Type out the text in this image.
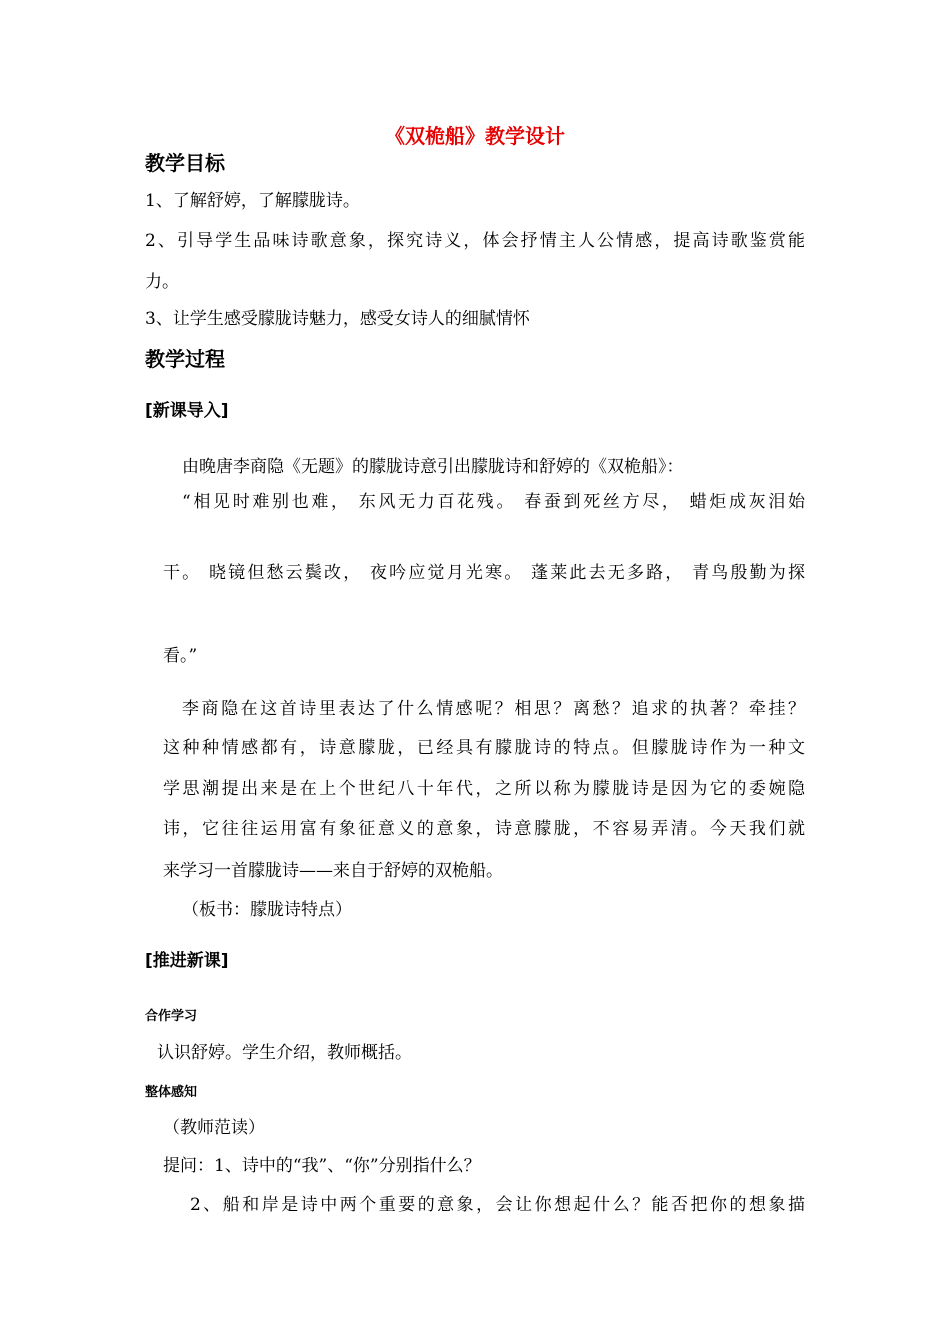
《双桅船》教学设计
教学目标
1、了解舒婷，了解朦胧诗。
2、引导学生品味诗歌意象，探究诗义，体会抒情主人公情感，提高诗歌鉴赏能
力。
3、让学生感受朦胧诗魅力，感受女诗人的细腻情怀
教学过程
[新课导入]
由晚唐李商隐《无题》的朦胧诗意引出朦胧诗和舒婷的《双桅船》：
“相见时难别也难， 东风无力百花残。 春蚕到死丝方尽， 蜡炬成灰泪始
干。 晓镜但愁云鬓改， 夜吟应觉月光寒。 蓬莱此去无多路， 青鸟殷勤为探
看。”
李商隐在这首诗里表达了什么情感呢？相思？离愁？追求的执著？牵挂？
这种种情感都有，诗意朦胧，已经具有朦胧诗的特点。但朦胧诗作为一种文
学思潮提出来是在上个世纪八十年代，之所以称为朦胧诗是因为它的委婉隐
讳，它往往运用富有象征意义的意象，诗意朦胧，不容易弄清。今天我们就
来学习一首朦胧诗——来自于舒婷的双桅船。
（板书：朦胧诗特点）
[推进新课]
合作学习
认识舒婷。学生介绍，教师概括。
整体感知
（教师范读）
提问：1、诗中的“我”、“你”分别指什么？
2、船和岸是诗中两个重要的意象，会让你想起什么？能否把你的想象描
